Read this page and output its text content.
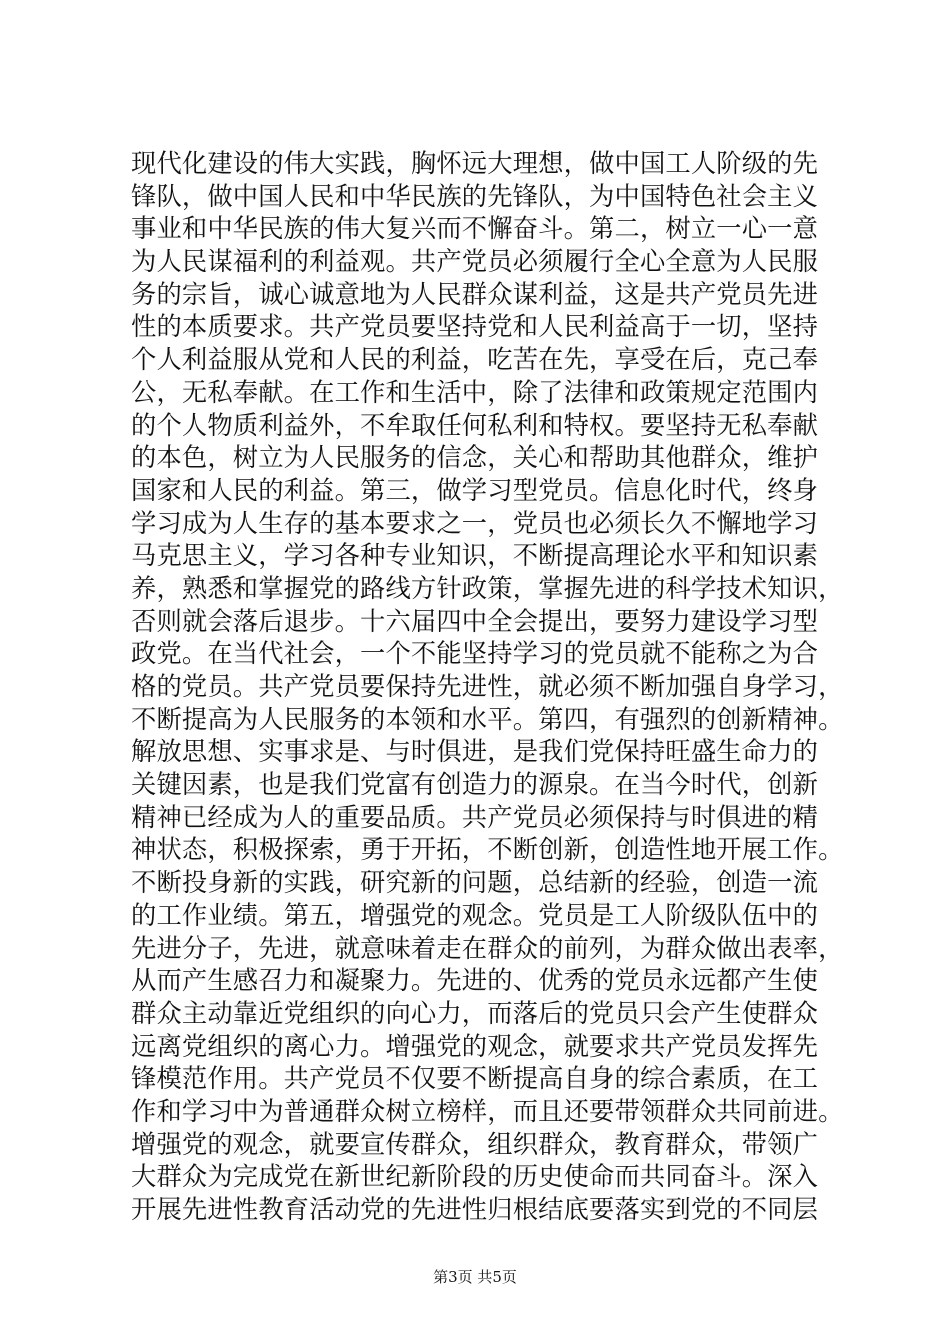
现代化建设的伟大实践，胸怀远大理想，做中国工人阶级的先
锋队，做中国人民和中华民族的先锋队，为中国特色社会主义
事业和中华民族的伟大复兴而不懈奋斗。第二，树立一心一意
为人民谋福利的利益观。共产党员必须履行全心全意为人民服
务的宗旨，诚心诚意地为人民群众谋利益，这是共产党员先进
性的本质要求。共产党员要坚持党和人民利益高于一切，坚持
个人利益服从党和人民的利益，吃苦在先，享受在后，克己奉
公，无私奉献。在工作和生活中，除了法律和政策规定范围内
的个人物质利益外，不牟取任何私利和特权。要坚持无私奉献
的本色，树立为人民服务的信念，关心和帮助其他群众，维护
国家和人民的利益。第三，做学习型党员。信息化时代，终身
学习成为人生存的基本要求之一，党员也必须长久不懈地学习
马克思主义，学习各种专业知识，不断提高理论水平和知识素
养，熟悉和掌握党的路线方针政策，掌握先进的科学技术知识，
否则就会落后退步。十六届四中全会提出，要努力建设学习型
政党。在当代社会，一个不能坚持学习的党员就不能称之为合
格的党员。共产党员要保持先进性，就必须不断加强自身学习，
不断提高为人民服务的本领和水平。第四，有强烈的创新精神。
解放思想、实事求是、与时俱进，是我们党保持旺盛生命力的
关键因素，也是我们党富有创造力的源泉。在当今时代，创新
精神已经成为人的重要品质。共产党员必须保持与时俱进的精
神状态，积极探索，勇于开拓，不断创新，创造性地开展工作。
不断投身新的实践，研究新的问题，总结新的经验，创造一流
的工作业绩。第五，增强党的观念。党员是工人阶级队伍中的
先进分子，先进，就意味着走在群众的前列，为群众做出表率，
从而产生感召力和凝聚力。先进的、优秀的党员永远都产生使
群众主动靠近党组织的向心力，而落后的党员只会产生使群众
远离党组织的离心力。增强党的观念，就要求共产党员发挥先
锋模范作用。共产党员不仅要不断提高自身的综合素质，在工
作和学习中为普通群众树立榜样，而且还要带领群众共同前进。
增强党的观念，就要宣传群众，组织群众，教育群众，带领广
大群众为完成党在新世纪新阶段的历史使命而共同奋斗。深入
开展先进性教育活动党的先进性归根结底要落实到党的不同层
第3页 共5页
